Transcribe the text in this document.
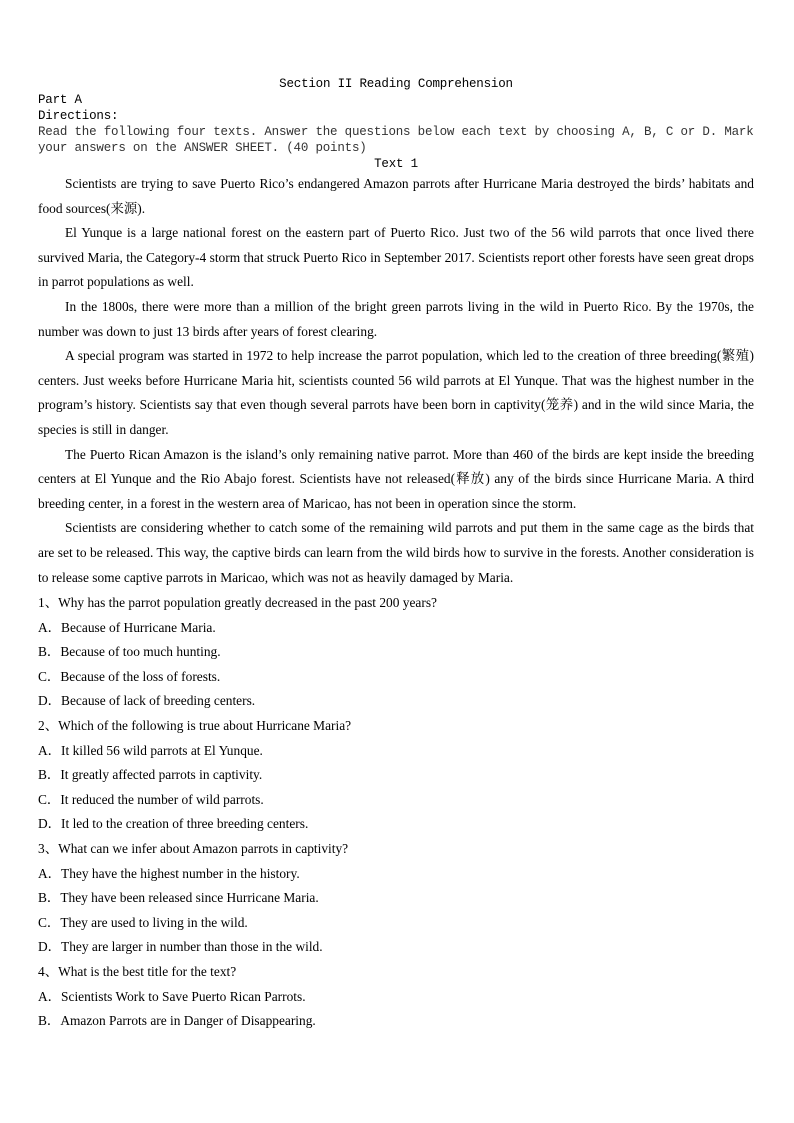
Section II Reading Comprehension
Part A
Directions:
Read the following four texts. Answer the questions below each text by choosing A, B, C or D. Mark your answers on the ANSWER SHEET. (40 points)
Text 1

Scientists are trying to save Puerto Rico’s endangered Amazon parrots after Hurricane Maria destroyed the birds’ habitats and food sources(来源).

El Yunque is a large national forest on the eastern part of Puerto Rico. Just two of the 56 wild parrots that once lived there survived Maria, the Category-4 storm that struck Puerto Rico in September 2017. Scientists report other forests have seen great drops in parrot populations as well.

In the 1800s, there were more than a million of the bright green parrots living in the wild in Puerto Rico. By the 1970s, the number was down to just 13 birds after years of forest clearing.

A special program was started in 1972 to help increase the parrot population, which led to the creation of three breeding(繁殖) centers. Just weeks before Hurricane Maria hit, scientists counted 56 wild parrots at El Yunque. That was the highest number in the program’s history. Scientists say that even though several parrots have been born in captivity(笼养) and in the wild since Maria, the species is still in danger.

The Puerto Rican Amazon is the island’s only remaining native parrot. More than 460 of the birds are kept inside the breeding centers at El Yunque and the Rio Abajo forest. Scientists have not released(释放) any of the birds since Hurricane Maria. A third breeding center, in a forest in the western area of Maricao, has not been in operation since the storm.

Scientists are considering whether to catch some of the remaining wild parrots and put them in the same cage as the birds that are set to be released. This way, the captive birds can learn from the wild birds how to survive in the forests. Another consideration is to release some captive parrots in Maricao, which was not as heavily damaged by Maria.

1、Why has the parrot population greatly decreased in the past 200 years?

A．Because of Hurricane Maria.

B．Because of too much hunting.

C．Because of the loss of forests.

D．Because of lack of breeding centers.

2、Which of the following is true about Hurricane Maria?

A．It killed 56 wild parrots at El Yunque.

B．It greatly affected parrots in captivity.

C．It reduced the number of wild parrots.

D．It led to the creation of three breeding centers.

3、What can we infer about Amazon parrots in captivity?

A．They have the highest number in the history.

B．They have been released since Hurricane Maria.

C．They are used to living in the wild.

D．They are larger in number than those in the wild.

4、What is the best title for the text?

A．Scientists Work to Save Puerto Rican Parrots.

B．Amazon Parrots are in Danger of Disappearing.
